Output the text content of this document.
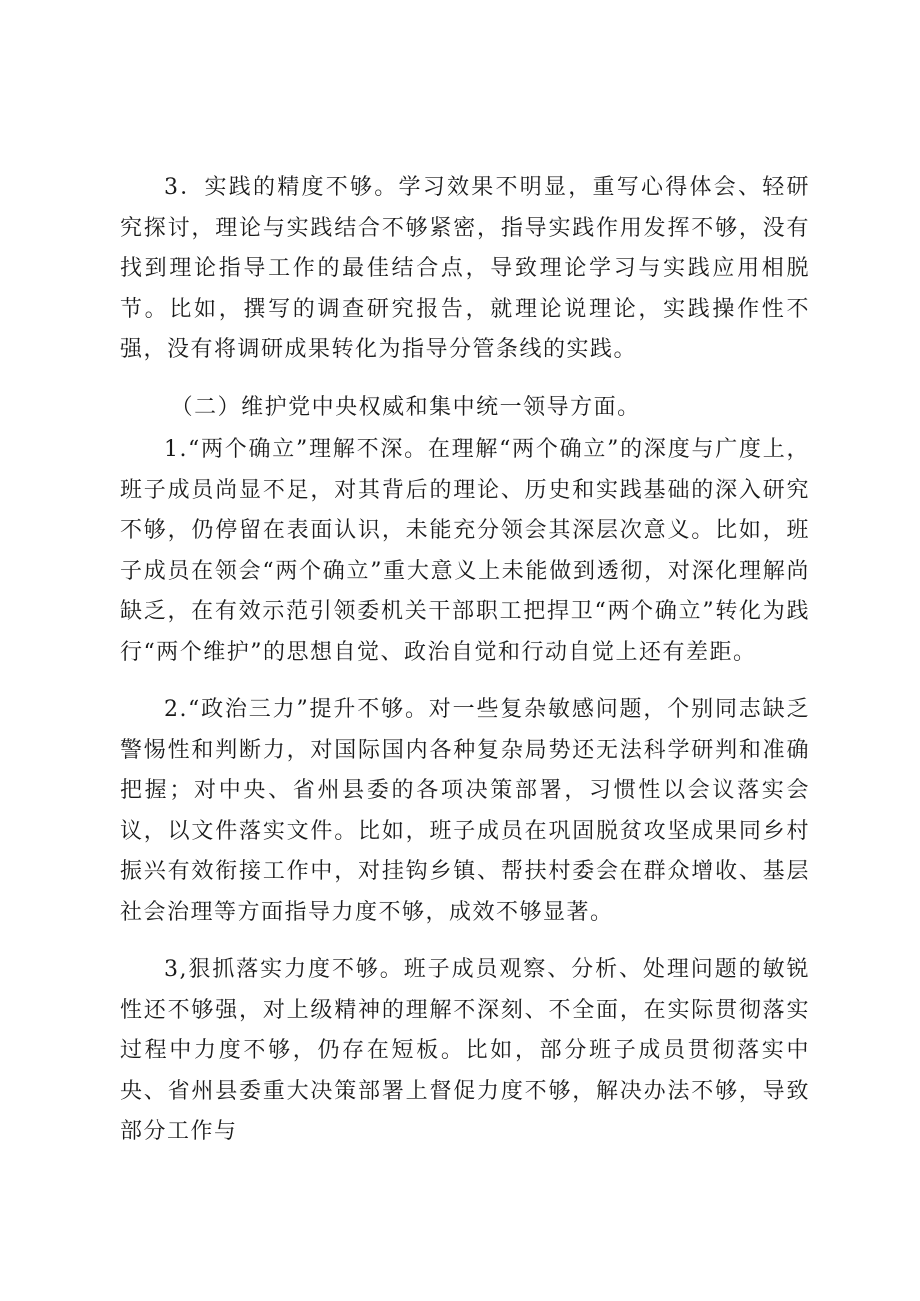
3．实践的精度不够。学习效果不明显，重写心得体会、轻研究探讨，理论与实践结合不够紧密，指导实践作用发挥不够，没有找到理论指导工作的最佳结合点，导致理论学习与实践应用相脱节。比如，撰写的调查研究报告，就理论说理论，实践操作性不强，没有将调研成果转化为指导分管条线的实践。

（二）维护党中央权威和集中统一领导方面。

1.“两个确立”理解不深。在理解“两个确立”的深度与广度上，班子成员尚显不足，对其背后的理论、历史和实践基础的深入研究不够，仍停留在表面认识，未能充分领会其深层次意义。比如，班子成员在领会“两个确立”重大意义上未能做到透彻，对深化理解尚缺乏，在有效示范引领委机关干部职工把捍卫“两个确立”转化为践行“两个维护”的思想自觉、政治自觉和行动自觉上还有差距。

2.“政治三力”提升不够。对一些复杂敏感问题，个别同志缺乏警惕性和判断力，对国际国内各种复杂局势还无法科学研判和准确把握；对中央、省州县委的各项决策部署，习惯性以会议落实会议，以文件落实文件。比如，班子成员在巩固脱贫攻坚成果同乡村振兴有效衔接工作中，对挂钩乡镇、帮扶村委会在群众增收、基层社会治理等方面指导力度不够，成效不够显著。

3,狠抓落实力度不够。班子成员观察、分析、处理问题的敏锐性还不够强，对上级精神的理解不深刻、不全面，在实际贯彻落实过程中力度不够，仍存在短板。比如，部分班子成员贯彻落实中央、省州县委重大决策部署上督促力度不够，解决办法不够，导致部分工作与
